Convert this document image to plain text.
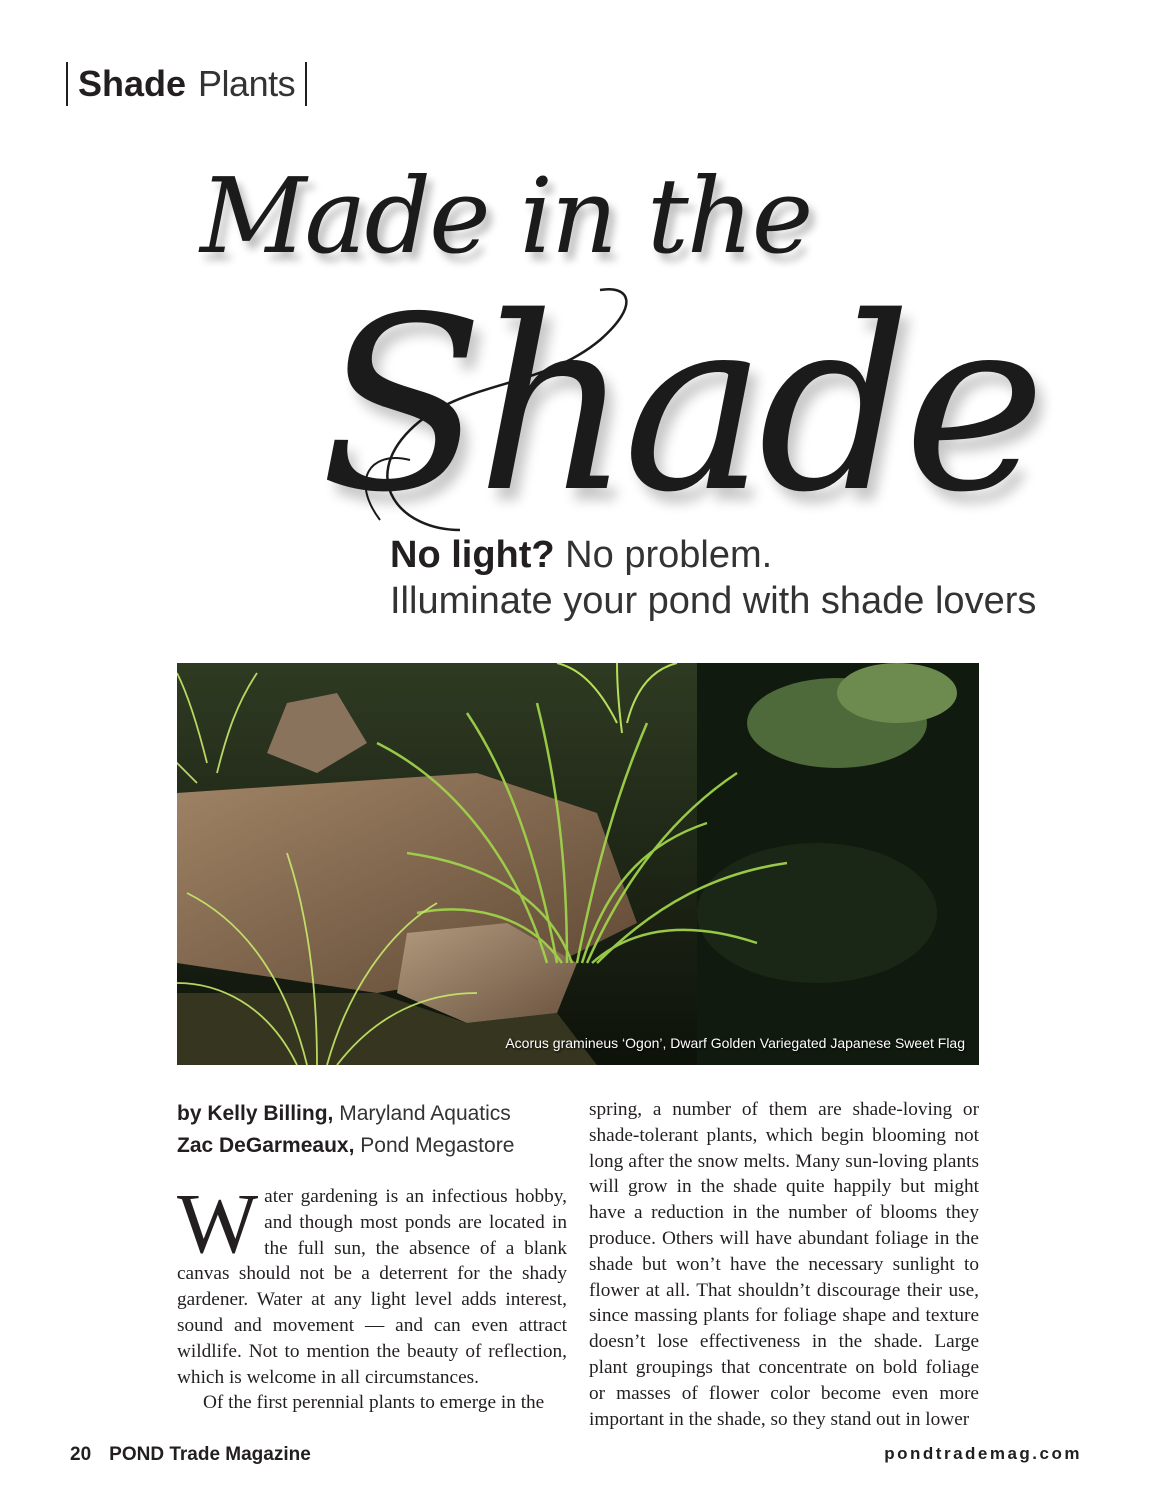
Shade Plants
Made in the
Shade
No light? No problem.
Illuminate your pond with shade lovers
Acorus gramineus ‘Ogon’, Dwarf Golden Variegated Japanese Sweet Flag
by Kelly Billing, Maryland Aquatics
Zac DeGarmeaux, Pond Megastore

Water gardening is an infectious hobby, and though most ponds are located in the full sun, the absence of a blank canvas should not be a deterrent for the shady gardener. Water at any light level adds interest, sound and movement — and can even attract wildlife. Not to mention the beauty of reflection, which is welcome in all circumstances.

Of the first perennial plants to emerge in the

spring, a number of them are shade-loving or shade-tolerant plants, which begin blooming not long after the snow melts. Many sun-loving plants will grow in the shade quite happily but might have a reduction in the number of blooms they produce. Others will have abundant foliage in the shade but won’t have the necessary sunlight to flower at all. That shouldn’t discourage their use, since massing plants for foliage shape and texture doesn’t lose effectiveness in the shade. Large plant groupings that concentrate on bold foliage or masses of flower color become even more important in the shade, so they stand out in lower

20 POND Trade Magazine	pondtrademag.com
